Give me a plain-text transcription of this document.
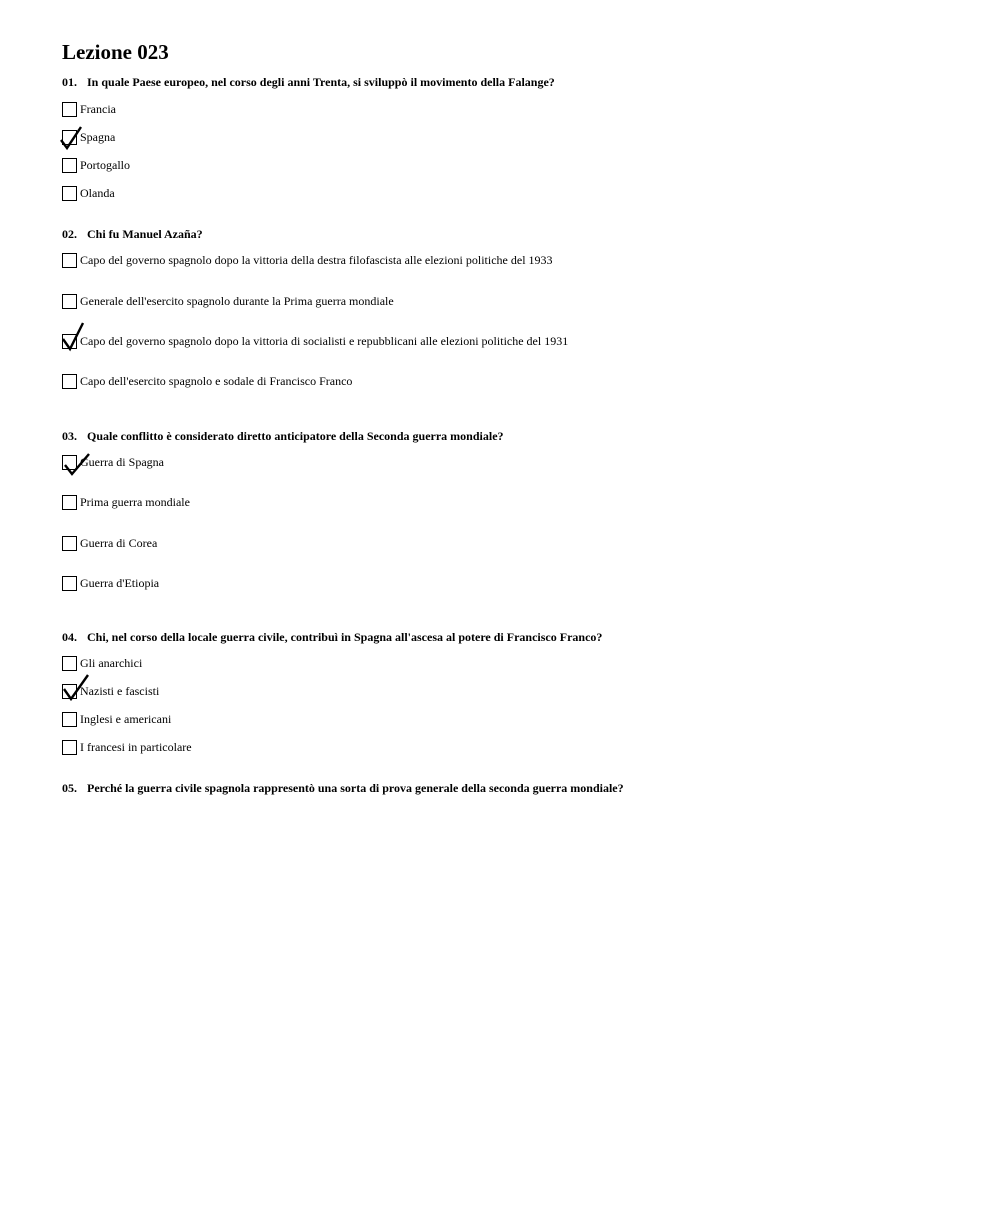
Lezione 023
01. In quale Paese europeo, nel corso degli anni Trenta, si sviluppò il movimento della Falange?
Francia
Spagna
Portogallo
Olanda
02. Chi fu Manuel Azaña?
Capo del governo spagnolo dopo la vittoria della destra filofascista alle elezioni politiche del 1933
Generale dell'esercito spagnolo durante la Prima guerra mondiale
Capo del governo spagnolo dopo la vittoria di socialisti e repubblicani alle elezioni politiche del 1931
Capo dell'esercito spagnolo e sodale di Francisco Franco
03. Quale conflitto è considerato diretto anticipatore della Seconda guerra mondiale?
Guerra di Spagna
Prima guerra mondiale
Guerra di Corea
Guerra d'Etiopia
04. Chi, nel corso della locale guerra civile, contribuì in Spagna all'ascesa al potere di Francisco Franco?
Gli anarchici
Nazisti e fascisti
Inglesi e americani
I francesi in particolare
05. Perché la guerra civile spagnola rappresentò una sorta di prova generale della seconda guerra mondiale?
